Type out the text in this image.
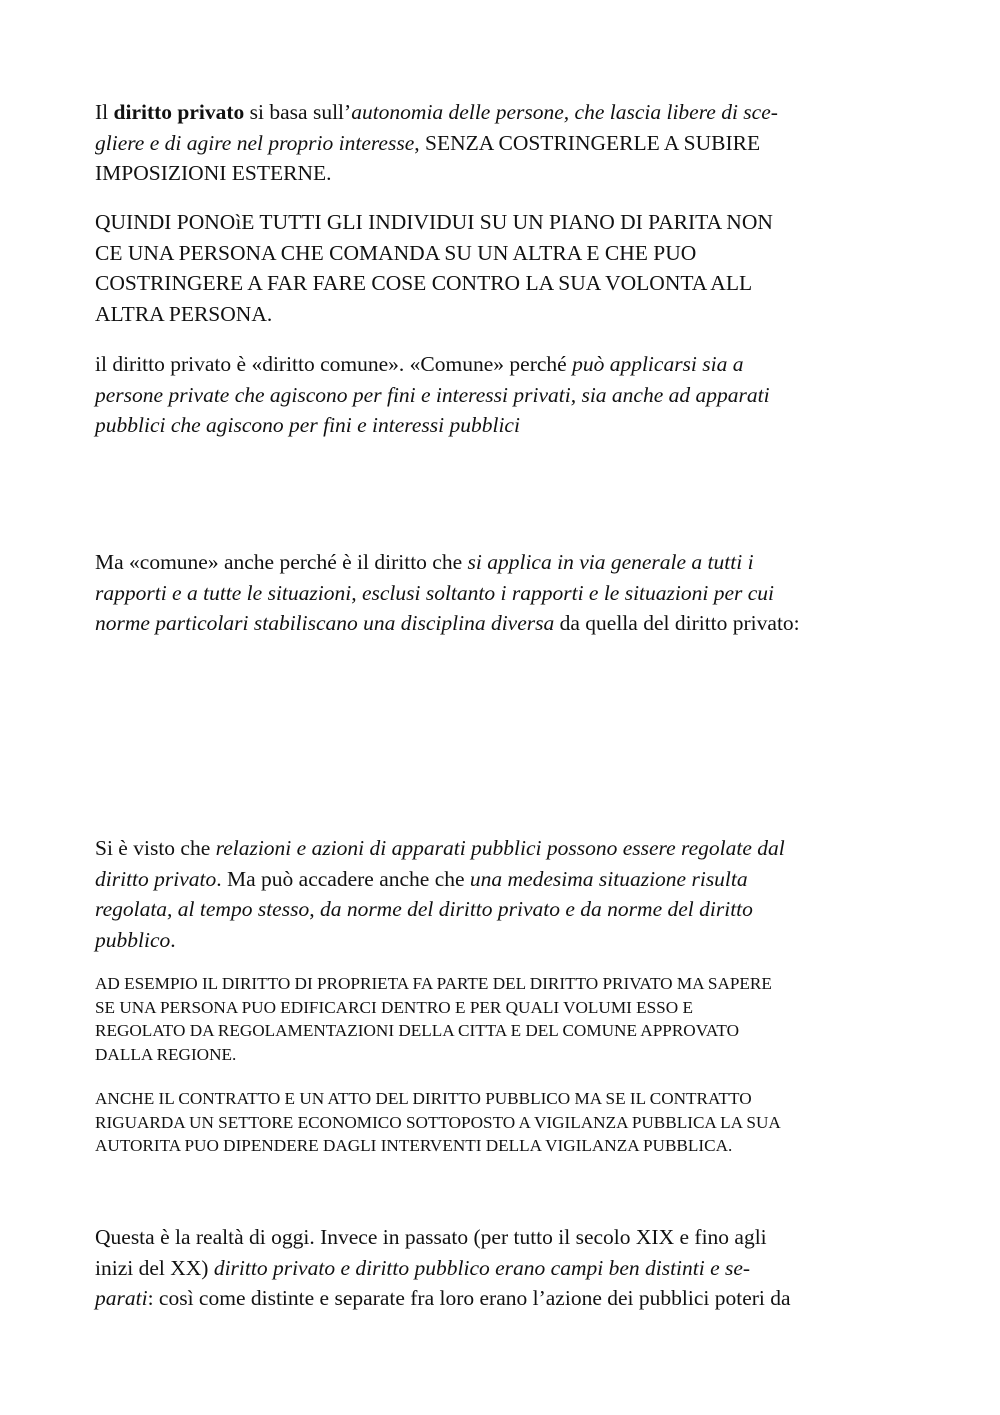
Il diritto privato si basa sull’autonomia delle persone, che lascia libere di sce-
gliere e di agire nel proprio interesse, SENZA COSTRINGERLE A SUBIRE
IMPOSIZIONI ESTERNE.

QUINDI PONOìE TUTTI GLI INDIVIDUI SU UN PIANO DI PARITA NON
CE UNA PERSONA CHE COMANDA SU UN ALTRA E CHE PUO
COSTRINGERE A FAR FARE COSE CONTRO LA SUA VOLONTA ALL
ALTRA PERSONA.

il diritto privato è «diritto comune». «Comune» perché può applicarsi sia a
persone private che agiscono per fini e interessi privati, sia anche ad apparati
pubblici che agiscono per fini e interessi pubblici

Ma «comune» anche perché è il diritto che si applica in via generale a tutti i
rapporti e a tutte le situazioni, esclusi soltanto i rapporti e le situazioni per cui
norme particolari stabiliscano una disciplina diversa da quella del diritto privato:

Si è visto che relazioni e azioni di apparati pubblici possono essere regolate dal
diritto privato. Ma può accadere anche che una medesima situazione risulta
regolata, al tempo stesso, da norme del diritto privato e da norme del diritto
pubblico.

AD ESEMPIO IL DIRITTO DI PROPRIETA FA PARTE DEL DIRITTO PRIVATO MA SAPERE
SE UNA PERSONA PUO EDIFICARCI DENTRO E PER QUALI VOLUMI ESSO E
REGOLATO DA REGOLAMENTAZIONI DELLA CITTA E DEL COMUNE APPROVATO
DALLA REGIONE.

ANCHE IL CONTRATTO E UN ATTO DEL DIRITTO PUBBLICO MA SE IL CONTRATTO
RIGUARDA UN SETTORE ECONOMICO SOTTOPOSTO A VIGILANZA PUBBLICA LA SUA
AUTORITA PUO DIPENDERE DAGLI INTERVENTI DELLA VIGILANZA PUBBLICA.

Questa è la realtà di oggi. Invece in passato (per tutto il secolo XIX e fino agli
inizi del XX) diritto privato e diritto pubblico erano campi ben distinti e se-
parati: così come distinte e separate fra loro erano l’azione dei pubblici poteri da
